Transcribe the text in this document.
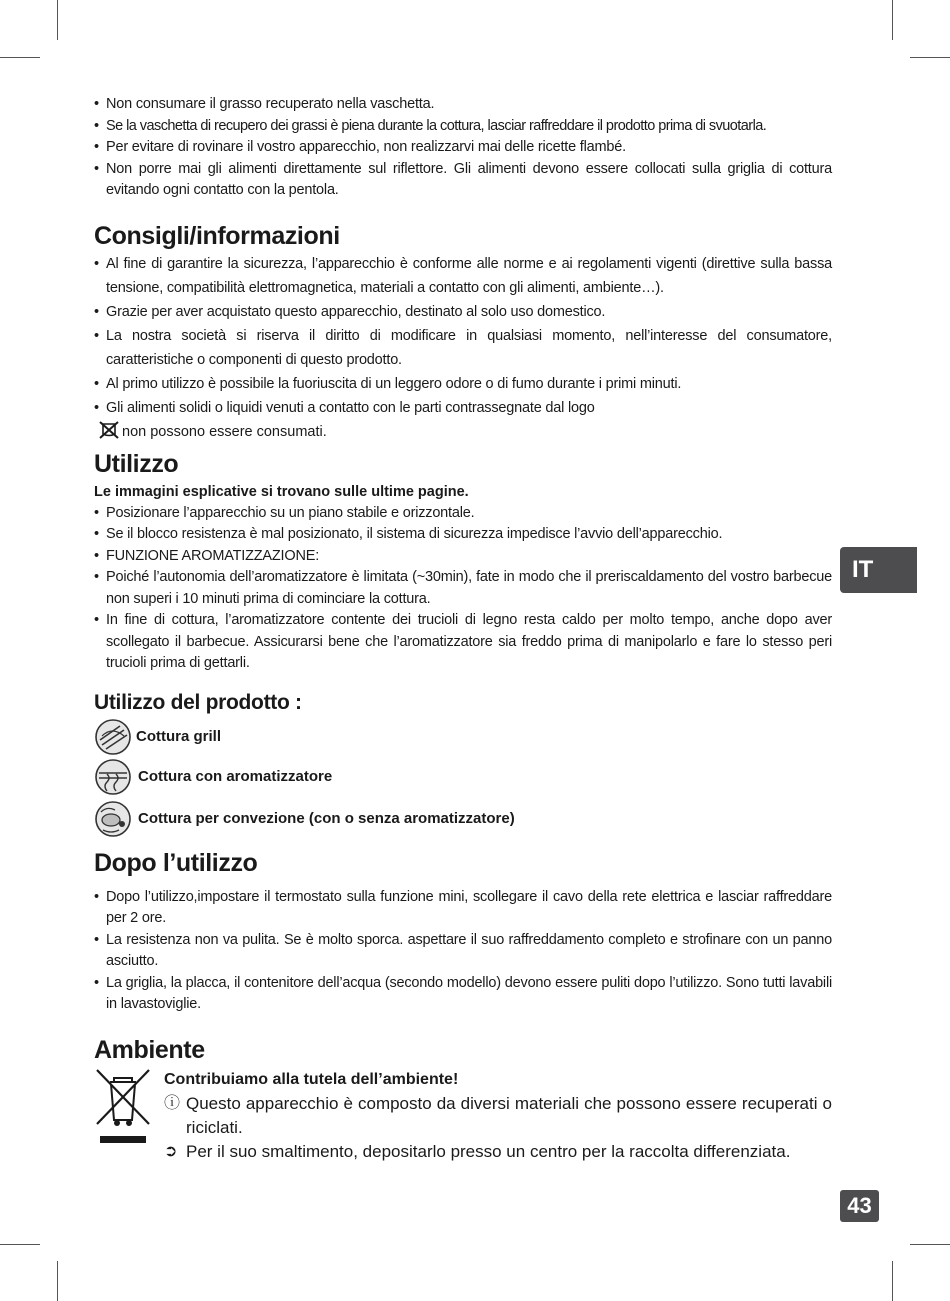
• Non consumare il grasso recuperato nella vaschetta.
• Se la vaschetta di recupero dei grassi è piena durante la cottura, lasciar raffreddare il prodotto prima di svuotarla.
• Per evitare di rovinare il vostro apparecchio, non realizzarvi mai delle ricette flambé.
• Non porre mai gli alimenti direttamente sul riflettore. Gli alimenti devono essere collocati sulla griglia di cottura evitando ogni contatto con la pentola.
Consigli/informazioni
• Al fine di garantire la sicurezza, l’apparecchio è conforme alle norme e ai regolamenti vigenti (direttive sulla bassa tensione, compatibilità elettromagnetica, materiali a contatto con gli alimenti, ambiente…).
• Grazie per aver acquistato questo apparecchio, destinato al solo uso domestico.
• La nostra società si riserva il diritto di modificare in qualsiasi momento, nell’interesse del consumatore, caratteristiche o componenti di questo prodotto.
• Al primo utilizzo è possibile la fuoriuscita di un leggero odore o di fumo durante i primi minuti.
• Gli alimenti solidi o liquidi venuti a contatto con le parti contrassegnate dal logo
non possono essere consumati.
Utilizzo
Le immagini esplicative si trovano sulle ultime pagine.
• Posizionare l’apparecchio su un piano stabile e orizzontale.
• Se il blocco resistenza è mal posizionato, il sistema di sicurezza impedisce l’avvio dell’apparecchio.
• FUNZIONE AROMATIZZAZIONE:
• Poiché l’autonomia dell’aromatizzatore è limitata (~30min), fate in modo che il preriscaldamento del vostro barbecue non superi i 10 minuti prima di cominciare la cottura.
• In fine di cottura, l’aromatizzatore contente dei trucioli di legno resta caldo per molto tempo, anche dopo aver scollegato il barbecue. Assicurarsi bene che l’aromatizzatore sia freddo prima di manipolarlo e fare lo stesso peri trucioli prima di gettarli.
Utilizzo del prodotto :
Cottura grill
Cottura con aromatizzatore
Cottura per convezione (con o senza aromatizzatore)
Dopo l’utilizzo
• Dopo l’utilizzo,impostare il termostato sulla funzione mini, scollegare il cavo della rete elettrica e lasciar raffreddare per 2 ore.
• La resistenza non va pulita. Se è molto sporca. aspettare il suo raffreddamento completo e strofinare con un panno asciutto.
• La griglia, la placca, il contenitore dell’acqua (secondo modello) devono essere puliti dopo l’utilizzo. Sono tutti lavabili in lavastoviglie.
Ambiente
Contribuiamo alla tutela dell’ambiente!
ⓘ Questo apparecchio è composto da diversi materiali che possono essere recuperati o riciclati.
➲ Per il suo smaltimento, depositarlo presso un centro per la raccolta differenziata.
IT
43
